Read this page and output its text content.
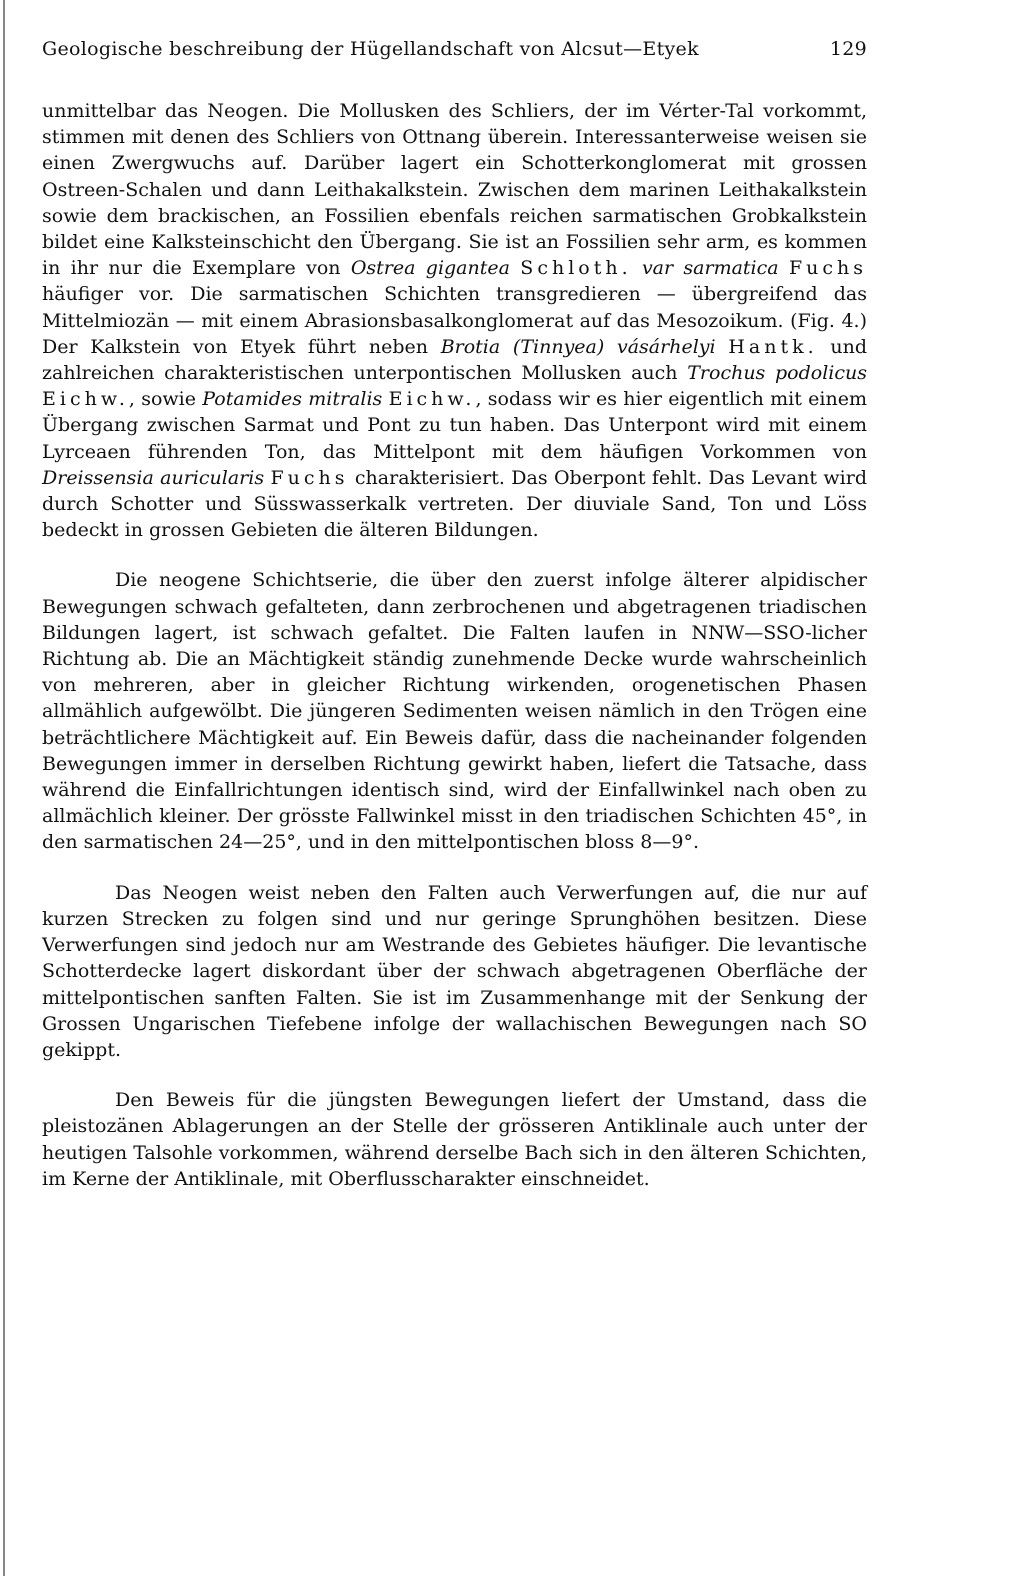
Geologische beschreibung der Hügellandschaft von Alcsut—Etyek	129

unmittelbar das Neogen. Die Mollusken des Schliers, der im Vérter-Tal vorkommt, stimmen mit denen des Schliers von Ottnang überein. Interessanterweise weisen sie einen Zwergwuchs auf. Darüber lagert ein Schotterkonglomerat mit grossen Ostreen-Schalen und dann Leithakalkstein. Zwischen dem marinen Leithakalkstein sowie dem brackischen, an Fossilien ebenfals reichen sarmatischen Grobkalkstein bildet eine Kalksteinschicht den Übergang. Sie ist an Fossilien sehr arm, es kommen in ihr nur die Exemplare von Ostrea gigantea Schloth. var sarmatica Fuchs häufiger vor. Die sarmatischen Schichten transgredieren — übergreifend das Mittelmiozän — mit einem Abrasionsbasalkonglomerat auf das Mesozoikum. (Fig. 4.) Der Kalkstein von Etyek führt neben Brotia (Tinnyea) vásárhelyi Hantk. und zahlreichen charakteristischen unterpontischen Mollusken auch Trochus podolicus Eichw., sowie Potamides mitralis Eichw., sodass wir es hier eigentlich mit einem Übergang zwischen Sarmat und Pont zu tun haben. Das Unterpont wird mit einem Lyrceaen führenden Ton, das Mittelpont mit dem häufigen Vorkommen von Dreissensia auricularis Fuchs charakterisiert. Das Oberpont fehlt. Das Levant wird durch Schotter und Süsswasserkalk vertreten. Der diuviale Sand, Ton und Löss bedeckt in grossen Gebieten die älteren Bildungen.

Die neogene Schichtserie, die über den zuerst infolge älterer alpidischer Bewegungen schwach gefalteten, dann zerbrochenen und abgetragenen triadischen Bildungen lagert, ist schwach gefaltet. Die Falten laufen in NNW—SSO-licher Richtung ab. Die an Mächtigkeit ständig zunehmende Decke wurde wahrscheinlich von mehreren, aber in gleicher Richtung wirkenden, orogenetischen Phasen allmählich aufgewölbt. Die jüngeren Sedimenten weisen nämlich in den Trögen eine beträchtlichere Mächtigkeit auf. Ein Beweis dafür, dass die nacheinander folgenden Bewegungen immer in derselben Richtung gewirkt haben, liefert die Tatsache, dass während die Einfallrichtungen identisch sind, wird der Einfallwinkel nach oben zu allmächlich kleiner. Der grösste Fallwinkel misst in den triadischen Schichten 45°, in den sarmatischen 24—25°, und in den mittelpontischen bloss 8—9°.

Das Neogen weist neben den Falten auch Verwerfungen auf, die nur auf kurzen Strecken zu folgen sind und nur geringe Sprunghöhen besitzen. Diese Verwerfungen sind jedoch nur am Westrande des Gebietes häufiger. Die levantische Schotterdecke lagert diskordant über der schwach abgetragenen Oberfläche der mittelpontischen sanften Falten. Sie ist im Zusammenhange mit der Senkung der Grossen Ungarischen Tiefebene infolge der wallachischen Bewegungen nach SO gekippt.

Den Beweis für die jüngsten Bewegungen liefert der Umstand, dass die pleistozänen Ablagerungen an der Stelle der grösseren Antiklinale auch unter der heutigen Talsohle vorkommen, während derselbe Bach sich in den älteren Schichten, im Kerne der Antiklinale, mit Oberflusscharakter einschneidet.
